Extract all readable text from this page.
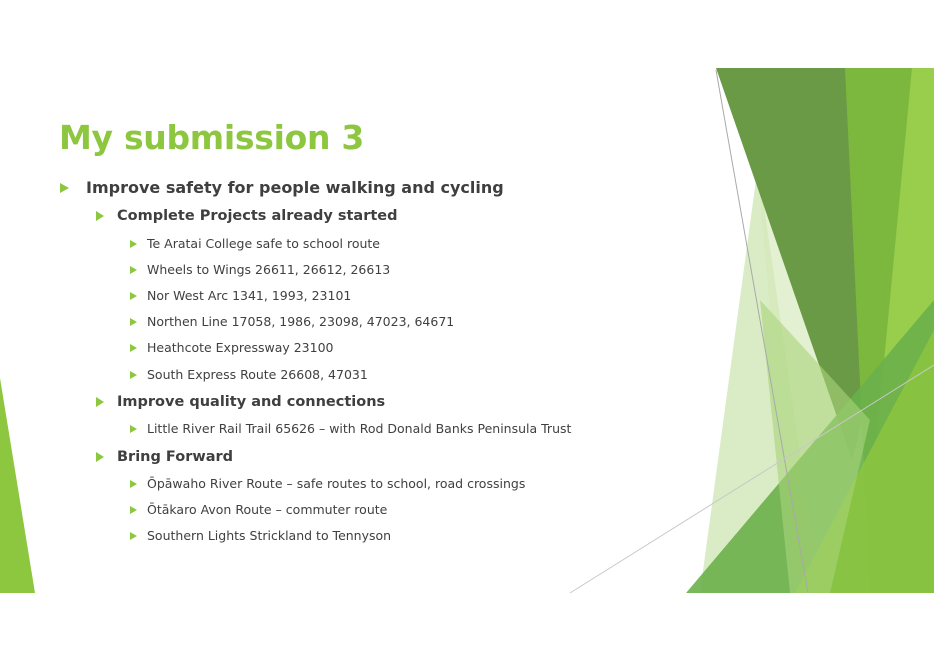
My submission 3
Improve safety for people walking and cycling
Complete Projects already started
Te Aratai College safe to school route
Wheels to Wings 26611, 26612, 26613
Nor West Arc 1341, 1993, 23101
Northen Line 17058, 1986, 23098, 47023, 64671
Heathcote Expressway 23100
South Express Route 26608, 47031
Improve quality and connections
Little River Rail Trail 65626 – with Rod Donald Banks Peninsula Trust
Bring Forward
Ōpāwaho River Route – safe routes to school, road crossings
Ōtākaro Avon Route – commuter route
Southern Lights Strickland to Tennyson
